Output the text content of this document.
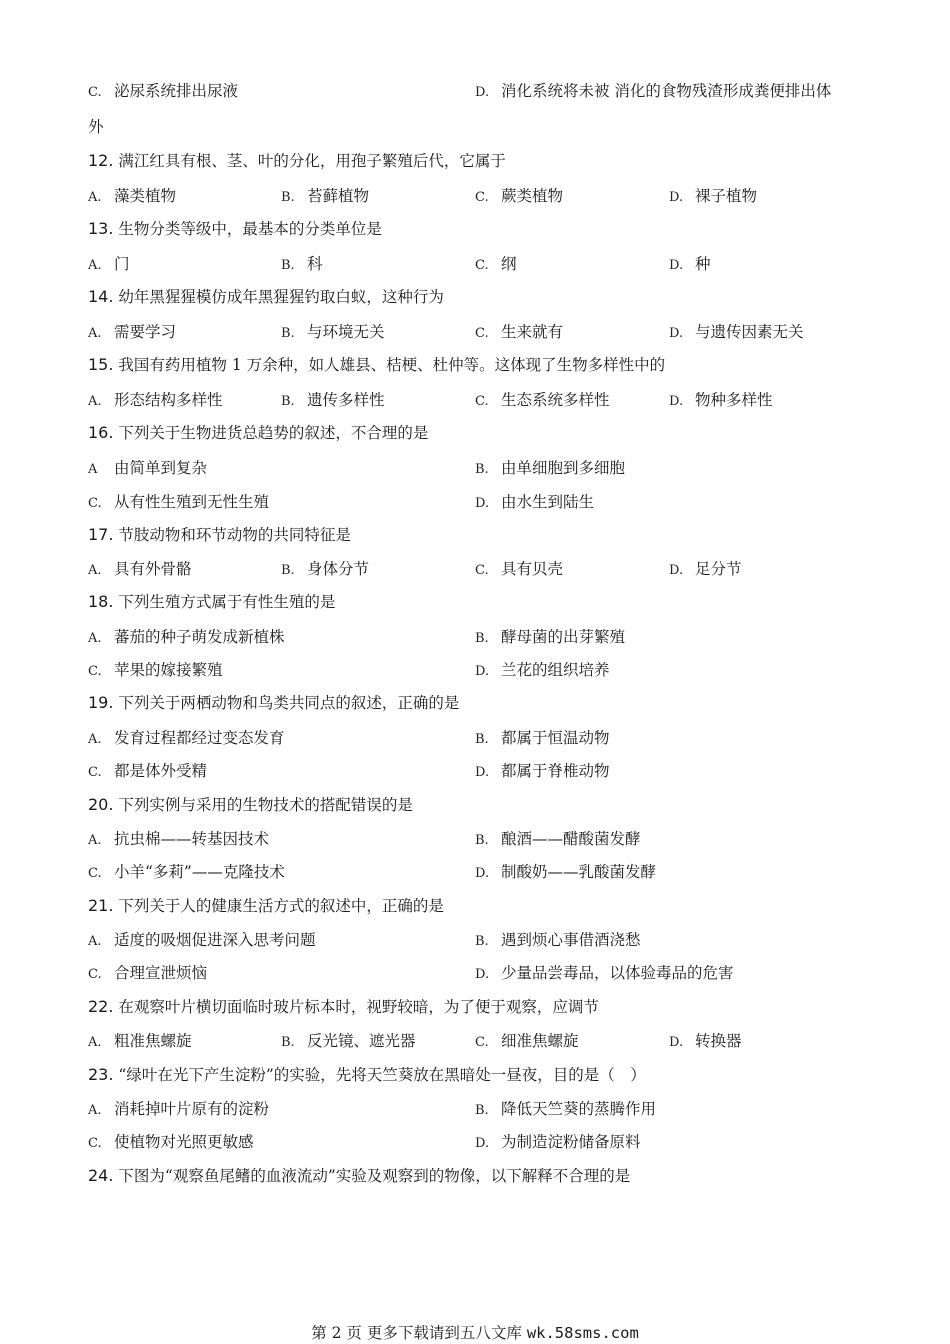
C. 泌尿系统排出尿液	D. 消化系统将未被 消化的食物残渣形成粪便排出体
外
12. 满江红具有根、茎、叶的分化，用孢子繁殖后代，它属于
A. 藻类植物	B. 苔藓植物	C. 蕨类植物	D. 裸子植物
13. 生物分类等级中，最基本的分类单位是
A. 门	B. 科	C. 纲	D. 种
14. 幼年黑猩猩模仿成年黑猩猩钓取白蚁，这种行为
A. 需要学习	B. 与环境无关	C. 生来就有	D. 与遗传因素无关
15. 我国有药用植物 1 万余种，如人雄县、桔梗、杜仲等。这体现了生物多样性中的
A. 形态结构多样性	B. 遗传多样性	C. 生态系统多样性	D. 物种多样性
16. 下列关于生物进货总趋势的叙述，不合理的是
A 由简单到复杂	B. 由单细胞到多细胞
C. 从有性生殖到无性生殖	D. 由水生到陆生
17. 节肢动物和环节动物的共同特征是
A. 具有外骨骼	B. 身体分节	C. 具有贝壳	D. 足分节
18. 下列生殖方式属于有性生殖的是
A. 蕃茄的种子萌发成新植株	B. 酵母菌的出芽繁殖
C. 苹果的嫁接繁殖	D. 兰花的组织培养
19. 下列关于两栖动物和鸟类共同点的叙述，正确的是
A. 发育过程都经过变态发育	B. 都属于恒温动物
C. 都是体外受精	D. 都属于脊椎动物
20. 下列实例与采用的生物技术的搭配错误的是
A. 抗虫棉——转基因技术	B. 酿酒——醋酸菌发酵
C. 小羊“多莉”——克隆技术	D. 制酸奶——乳酸菌发酵
21. 下列关于人的健康生活方式的叙述中，正确的是
A. 适度的吸烟促进深入思考问题	B. 遇到烦心事借酒浇愁
C. 合理宣泄烦恼	D. 少量品尝毒品，以体验毒品的危害
22. 在观察叶片横切面临时玻片标本时，视野较暗，为了便于观察，应调节
A. 粗准焦螺旋	B. 反光镜、遮光器	C. 细准焦螺旋	D. 转换器
23. “绿叶在光下产生淀粉”的实验，先将天竺葵放在黑暗处一昼夜，目的是（　）
A. 消耗掉叶片原有的淀粉	B. 降低天竺葵的蒸腾作用
C. 使植物对光照更敏感	D. 为制造淀粉储备原料
24. 下图为“观察鱼尾鳍的血液流动”实验及观察到的物像，以下解释不合理的是
第 2 页 更多下载请到五八文库 wk.58sms.com
